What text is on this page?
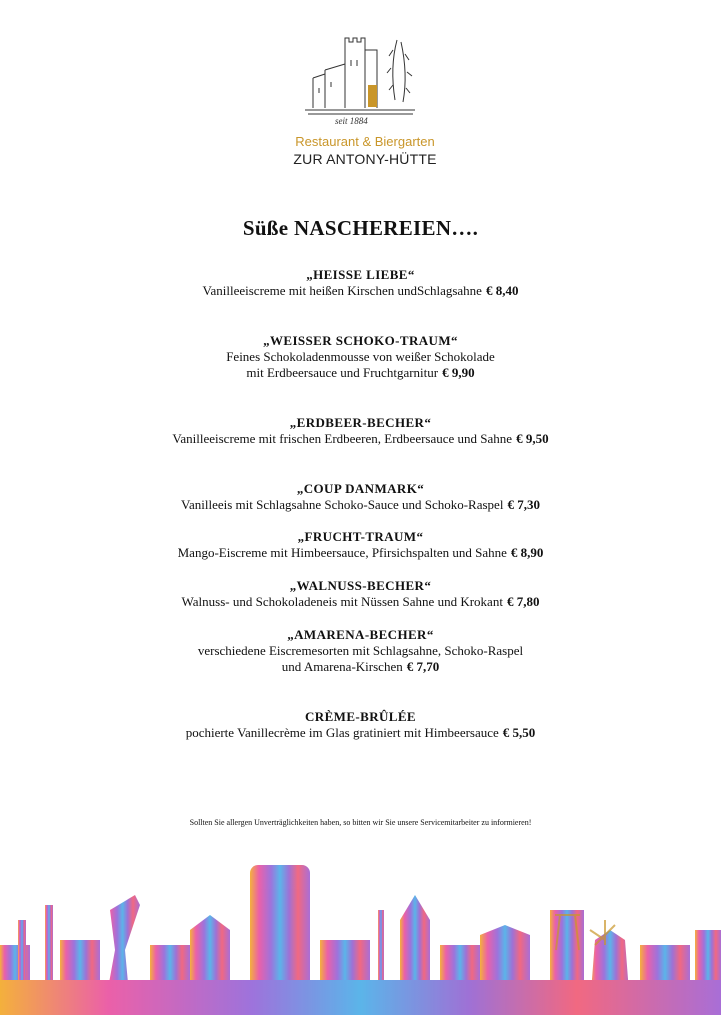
seit 1884
Restaurant & Biergarten
ZUR ANTONY-HÜTTE
Süße NASCHEREIEN….
„HEISSE LIEBE“
Vanilleeiscreme mit heißen Kirschen undSchlagsahne € 8,40
„WEISSER SCHOKO-TRAUM“
Feines Schokoladenmousse von weißer Schokolade
mit Erdbeersauce und Fruchtgarnitur € 9,90
„ERDBEER-BECHER“
Vanilleeiscreme mit frischen Erdbeeren, Erdbeersauce und Sahne € 9,50
„COUP DANMARK“
Vanilleeis mit Schlagsahne Schoko-Sauce und Schoko-Raspel € 7,30
„FRUCHT-TRAUM“
Mango-Eiscreme mit Himbeersauce, Pfirsichspalten und Sahne € 8,90
„WALNUSS-BECHER“
Walnuss- und Schokoladeneis mit Nüssen Sahne und Krokant € 7,80
„AMARENA-BECHER“
verschiedene Eiscremesorten mit Schlagsahne, Schoko-Raspel
und Amarena-Kirschen € 7,70
CRÈME-BRÛLÉE
pochierte Vanillecrème im Glas gratiniert mit Himbeersauce € 5,50
Sollten Sie allergen Unverträglichkeiten haben, so bitten wir Sie unsere Servicemitarbeiter zu informieren!
